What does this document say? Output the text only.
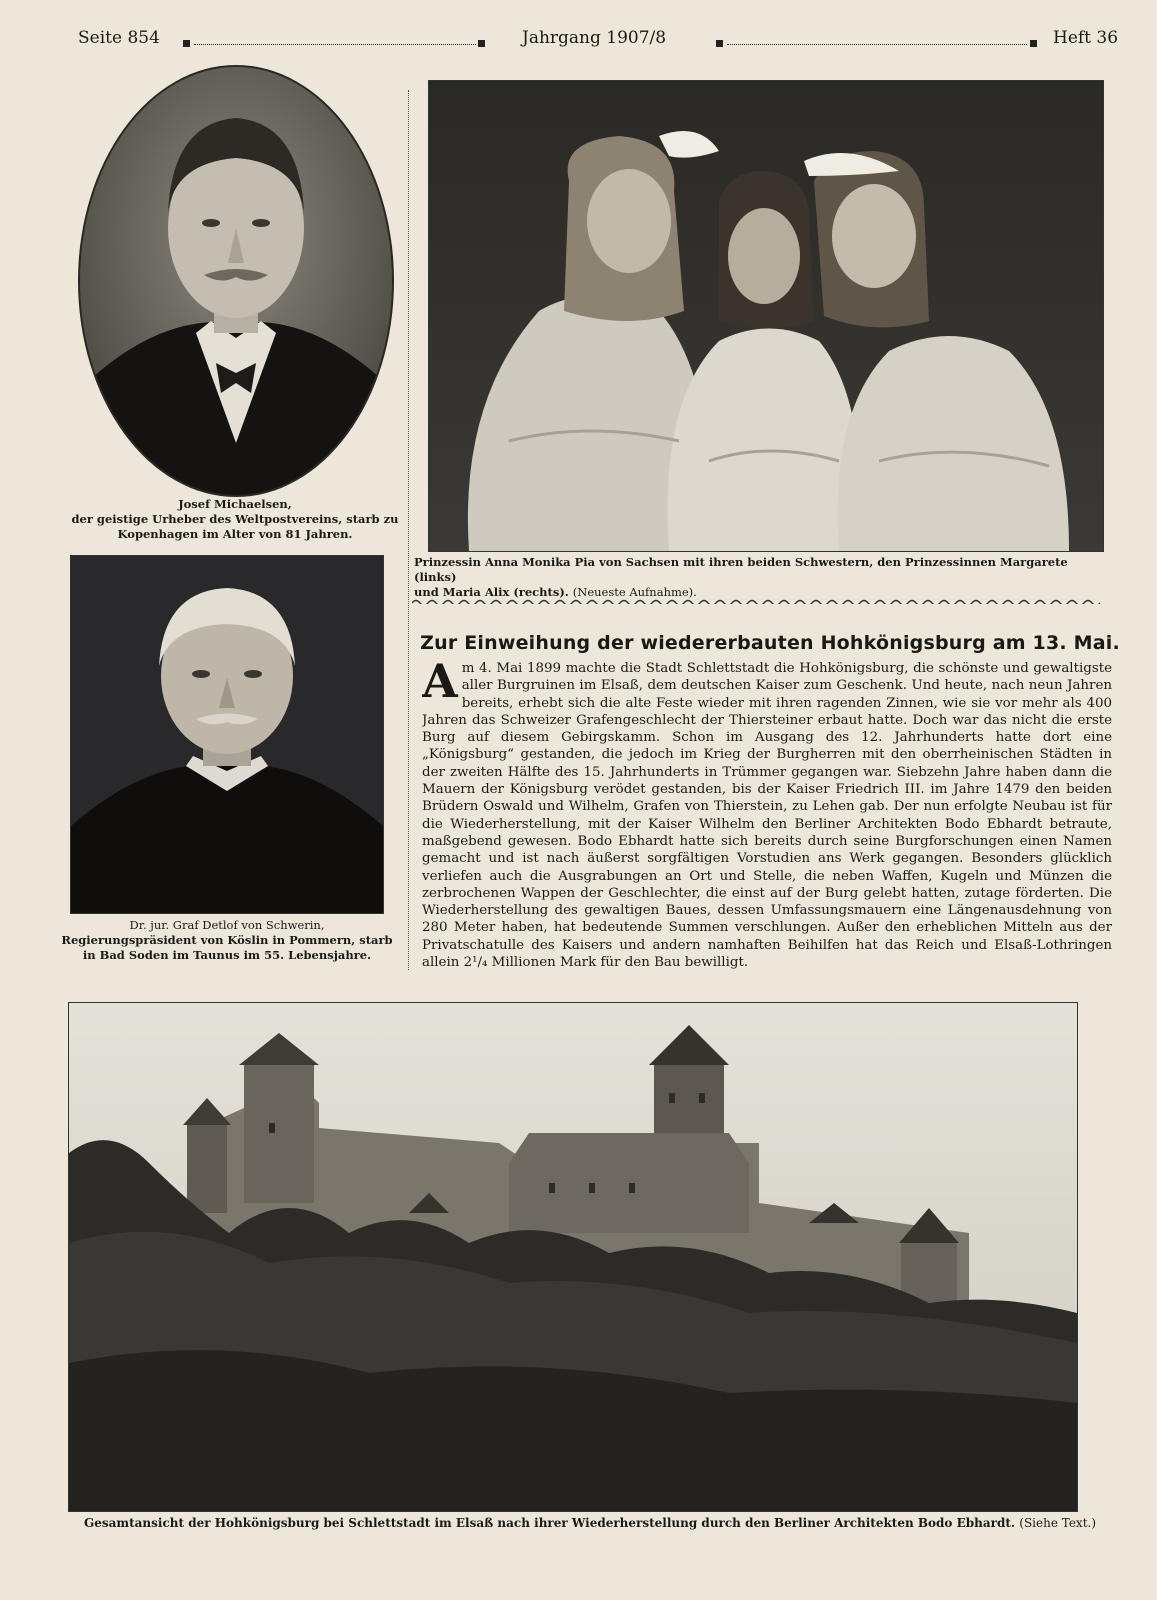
Seite 854	Jahrgang 1907/8	Heft 36
Josef Michaelsen,
der geistige Urheber des Weltpostvereins, starb zu
Kopenhagen im Alter von 81 Jahren.
Prinzessin Anna Monika Pia von Sachsen mit ihren beiden Schwestern, den Prinzessinnen Margarete (links)
und Maria Alix (rechts). (Neueste Aufnahme).
Dr. jur. Graf Detlof von Schwerin,
Regierungspräsident von Köslin in Pommern, starb
in Bad Soden im Taunus im 55. Lebensjahre.
Zur Einweihung der wiedererbauten Hohkönigsburg am 13. Mai.
Am 4. Mai 1899 machte die Stadt Schlettstadt die Hohkönigsburg, die schönste und gewaltigste aller Burgruinen im Elsaß, dem deutschen Kaiser zum Geschenk. Und heute, nach neun Jahren bereits, erhebt sich die alte Feste wieder mit ihren ragenden Zinnen, wie sie vor mehr als 400 Jahren das Schweizer Grafengeschlecht der Thiersteiner erbaut hatte. Doch war das nicht die erste Burg auf diesem Gebirgskamm. Schon im Ausgang des 12. Jahrhunderts hatte dort eine „Königsburg“ gestanden, die jedoch im Krieg der Burgherren mit den oberrheinischen Städten in der zweiten Hälfte des 15. Jahrhunderts in Trümmer gegangen war. Siebzehn Jahre haben dann die Mauern der Königsburg verödet gestanden, bis der Kaiser Friedrich III. im Jahre 1479 den beiden Brüdern Oswald und Wilhelm, Grafen von Thierstein, zu Lehen gab. Der nun erfolgte Neubau ist für die Wiederherstellung, mit der Kaiser Wilhelm den Berliner Architekten Bodo Ebhardt betraute, maßgebend gewesen. Bodo Ebhardt hatte sich bereits durch seine Burgforschungen einen Namen gemacht und ist nach äußerst sorgfältigen Vorstudien ans Werk gegangen. Besonders glücklich verliefen auch die Ausgrabungen an Ort und Stelle, die neben Waffen, Kugeln und Münzen die zerbrochenen Wappen der Geschlechter, die einst auf der Burg gelebt hatten, zutage förderten. Die Wiederherstellung des gewaltigen Baues, dessen Umfassungsmauern eine Längenausdehnung von 280 Meter haben, hat bedeutende Summen verschlungen. Außer den erheblichen Mitteln aus der Privatschatulle des Kaisers und andern namhaften Beihilfen hat das Reich und Elsaß-Lothringen allein 2¹/₄ Millionen Mark für den Bau bewilligt.
Gesamtansicht der Hohkönigsburg bei Schlettstadt im Elsaß nach ihrer Wiederherstellung durch den Berliner Architekten Bodo Ebhardt. (Siehe Text.)
